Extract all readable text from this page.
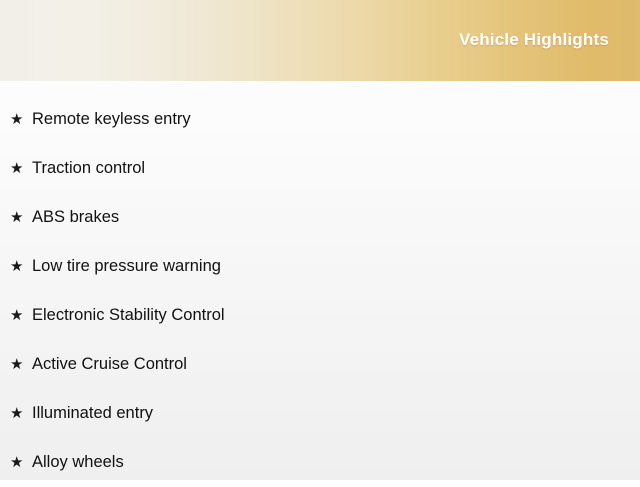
Vehicle Highlights
★ Remote keyless entry
★ Traction control
★ ABS brakes
★ Low tire pressure warning
★ Electronic Stability Control
★ Active Cruise Control
★ Illuminated entry
★ Alloy wheels
